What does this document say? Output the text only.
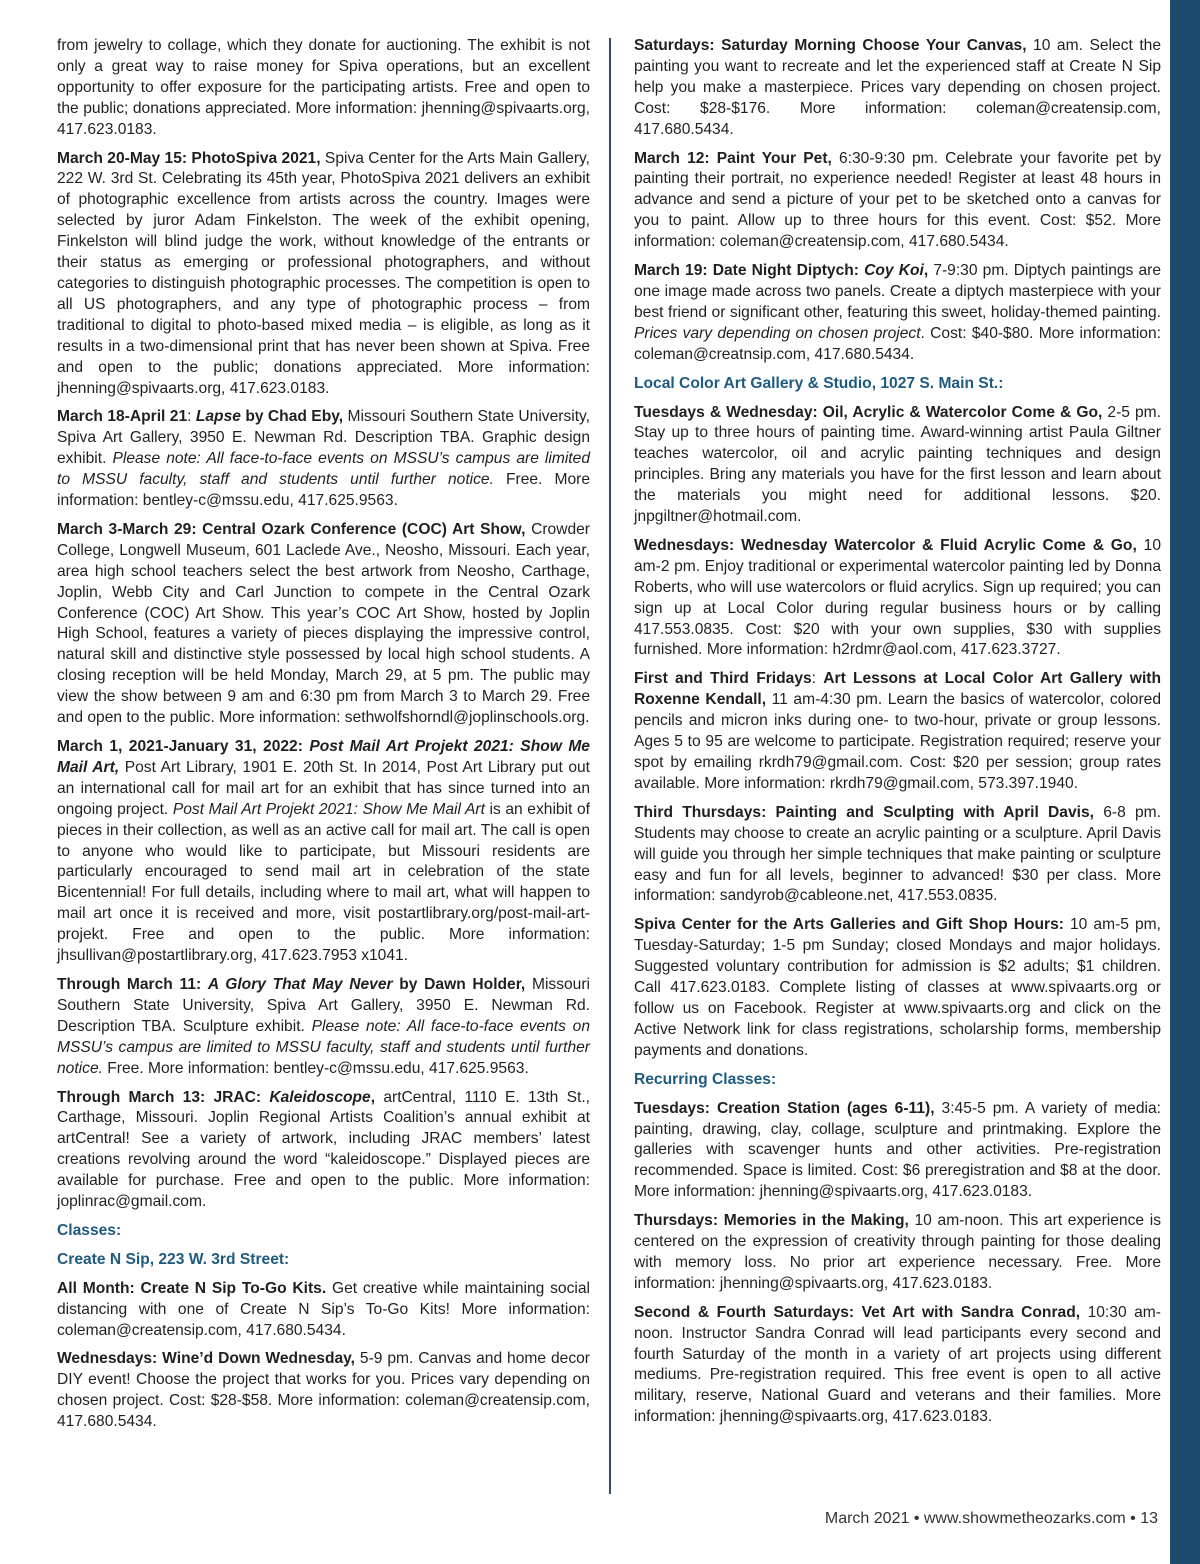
from jewelry to collage, which they donate for auctioning. The exhibit is not only a great way to raise money for Spiva operations, but an excellent opportunity to offer exposure for the participating artists. Free and open to the public; donations appreciated. More information: jhenning@spivaarts.org, 417.623.0183.

March 20-May 15: PhotoSpiva 2021, Spiva Center for the Arts Main Gallery, 222 W. 3rd St. Celebrating its 45th year, PhotoSpiva 2021 delivers an exhibit of photographic excellence from artists across the country. Images were selected by juror Adam Finkelston. The week of the exhibit opening, Finkelston will blind judge the work, without knowledge of the entrants or their status as emerging or professional photographers, and without categories to distinguish photographic processes. The competition is open to all US photographers, and any type of photographic process – from traditional to digital to photo-based mixed media – is eligible, as long as it results in a two-dimensional print that has never been shown at Spiva. Free and open to the public; donations appreciated. More information: jhenning@spivaarts.org, 417.623.0183.

March 18-April 21: Lapse by Chad Eby, Missouri Southern State University, Spiva Art Gallery, 3950 E. Newman Rd. Description TBA. Graphic design exhibit. Please note: All face-to-face events on MSSU’s campus are limited to MSSU faculty, staff and students until further notice. Free. More information: bentley-c@mssu.edu, 417.625.9563.

March 3-March 29: Central Ozark Conference (COC) Art Show, Crowder College, Longwell Museum, 601 Laclede Ave., Neosho, Missouri. Each year, area high school teachers select the best artwork from Neosho, Carthage, Joplin, Webb City and Carl Junction to compete in the Central Ozark Conference (COC) Art Show. This year’s COC Art Show, hosted by Joplin High School, features a variety of pieces displaying the impressive control, natural skill and distinctive style possessed by local high school students. A closing reception will be held Monday, March 29, at 5 pm. The public may view the show between 9 am and 6:30 pm from March 3 to March 29. Free and open to the public. More information: sethwolfshorndl@joplinschools.org.

March 1, 2021-January 31, 2022: Post Mail Art Projekt 2021: Show Me Mail Art, Post Art Library, 1901 E. 20th St. In 2014, Post Art Library put out an international call for mail art for an exhibit that has since turned into an ongoing project. Post Mail Art Projekt 2021: Show Me Mail Art is an exhibit of pieces in their collection, as well as an active call for mail art. The call is open to anyone who would like to participate, but Missouri residents are particularly encouraged to send mail art in celebration of the state Bicentennial! For full details, including where to mail art, what will happen to mail art once it is received and more, visit postartlibrary.org/post-mail-art-projekt. Free and open to the public. More information: jhsullivan@postartlibrary.org, 417.623.7953 x1041.

Through March 11: A Glory That May Never by Dawn Holder, Missouri Southern State University, Spiva Art Gallery, 3950 E. Newman Rd. Description TBA. Sculpture exhibit. Please note: All face-to-face events on MSSU’s campus are limited to MSSU faculty, staff and students until further notice. Free. More information: bentley-c@mssu.edu, 417.625.9563.

Through March 13: JRAC: Kaleidoscope, artCentral, 1110 E. 13th St., Carthage, Missouri. Joplin Regional Artists Coalition’s annual exhibit at artCentral! See a variety of artwork, including JRAC members’ latest creations revolving around the word “kaleidoscope.” Displayed pieces are available for purchase. Free and open to the public. More information: joplinrac@gmail.com.

Classes:
Create N Sip, 223 W. 3rd Street:

All Month: Create N Sip To-Go Kits. Get creative while maintaining social distancing with one of Create N Sip’s To-Go Kits! More information: coleman@creatensip.com, 417.680.5434.

Wednesdays: Wine’d Down Wednesday, 5-9 pm. Canvas and home decor DIY event! Choose the project that works for you. Prices vary depending on chosen project. Cost: $28-$58. More information: coleman@creatensip.com, 417.680.5434.

Saturdays: Saturday Morning Choose Your Canvas, 10 am. Select the painting you want to recreate and let the experienced staff at Create N Sip help you make a masterpiece. Prices vary depending on chosen project. Cost: $28-$176. More information: coleman@creatensip.com, 417.680.5434.

March 12: Paint Your Pet, 6:30-9:30 pm. Celebrate your favorite pet by painting their portrait, no experience needed! Register at least 48 hours in advance and send a picture of your pet to be sketched onto a canvas for you to paint. Allow up to three hours for this event. Cost: $52. More information: coleman@creatensip.com, 417.680.5434.

March 19: Date Night Diptych: Coy Koi, 7-9:30 pm. Diptych paintings are one image made across two panels. Create a diptych masterpiece with your best friend or significant other, featuring this sweet, holiday-themed painting. Prices vary depending on chosen project. Cost: $40-$80. More information: coleman@creatnsip.com, 417.680.5434.

Local Color Art Gallery & Studio, 1027 S. Main St.:

Tuesdays & Wednesday: Oil, Acrylic & Watercolor Come & Go, 2-5 pm. Stay up to three hours of painting time. Award-winning artist Paula Giltner teaches watercolor, oil and acrylic painting techniques and design principles. Bring any materials you have for the first lesson and learn about the materials you might need for additional lessons. $20. jnpgiltner@hotmail.com.

Wednesdays: Wednesday Watercolor & Fluid Acrylic Come & Go, 10 am-2 pm. Enjoy traditional or experimental watercolor painting led by Donna Roberts, who will use watercolors or fluid acrylics. Sign up required; you can sign up at Local Color during regular business hours or by calling 417.553.0835. Cost: $20 with your own supplies, $30 with supplies furnished. More information: h2rdmr@aol.com, 417.623.3727.

First and Third Fridays: Art Lessons at Local Color Art Gallery with Roxenne Kendall, 11 am-4:30 pm. Learn the basics of watercolor, colored pencils and micron inks during one- to two-hour, private or group lessons. Ages 5 to 95 are welcome to participate. Registration required; reserve your spot by emailing rkrdh79@gmail.com. Cost: $20 per session; group rates available. More information: rkrdh79@gmail.com, 573.397.1940.

Third Thursdays: Painting and Sculpting with April Davis, 6-8 pm. Students may choose to create an acrylic painting or a sculpture. April Davis will guide you through her simple techniques that make painting or sculpture easy and fun for all levels, beginner to advanced! $30 per class. More information: sandyrob@cableone.net, 417.553.0835.

Spiva Center for the Arts Galleries and Gift Shop Hours: 10 am-5 pm, Tuesday-Saturday; 1-5 pm Sunday; closed Mondays and major holidays. Suggested voluntary contribution for admission is $2 adults; $1 children. Call 417.623.0183. Complete listing of classes at www.spivaarts.org or follow us on Facebook. Register at www.spivaarts.org and click on the Active Network link for class registrations, scholarship forms, membership payments and donations.

Recurring Classes:

Tuesdays: Creation Station (ages 6-11), 3:45-5 pm. A variety of media: painting, drawing, clay, collage, sculpture and printmaking. Explore the galleries with scavenger hunts and other activities. Pre-registration recommended. Space is limited. Cost: $6 preregistration and $8 at the door. More information: jhenning@spivaarts.org, 417.623.0183.

Thursdays: Memories in the Making, 10 am-noon. This art experience is centered on the expression of creativity through painting for those dealing with memory loss. No prior art experience necessary. Free. More information: jhenning@spivaarts.org, 417.623.0183.

Second & Fourth Saturdays: Vet Art with Sandra Conrad, 10:30 am-noon. Instructor Sandra Conrad will lead participants every second and fourth Saturday of the month in a variety of art projects using different mediums. Pre-registration required. This free event is open to all active military, reserve, National Guard and veterans and their families. More information: jhenning@spivaarts.org, 417.623.0183.

March 2021 • www.showmetheozarks.com • 13
